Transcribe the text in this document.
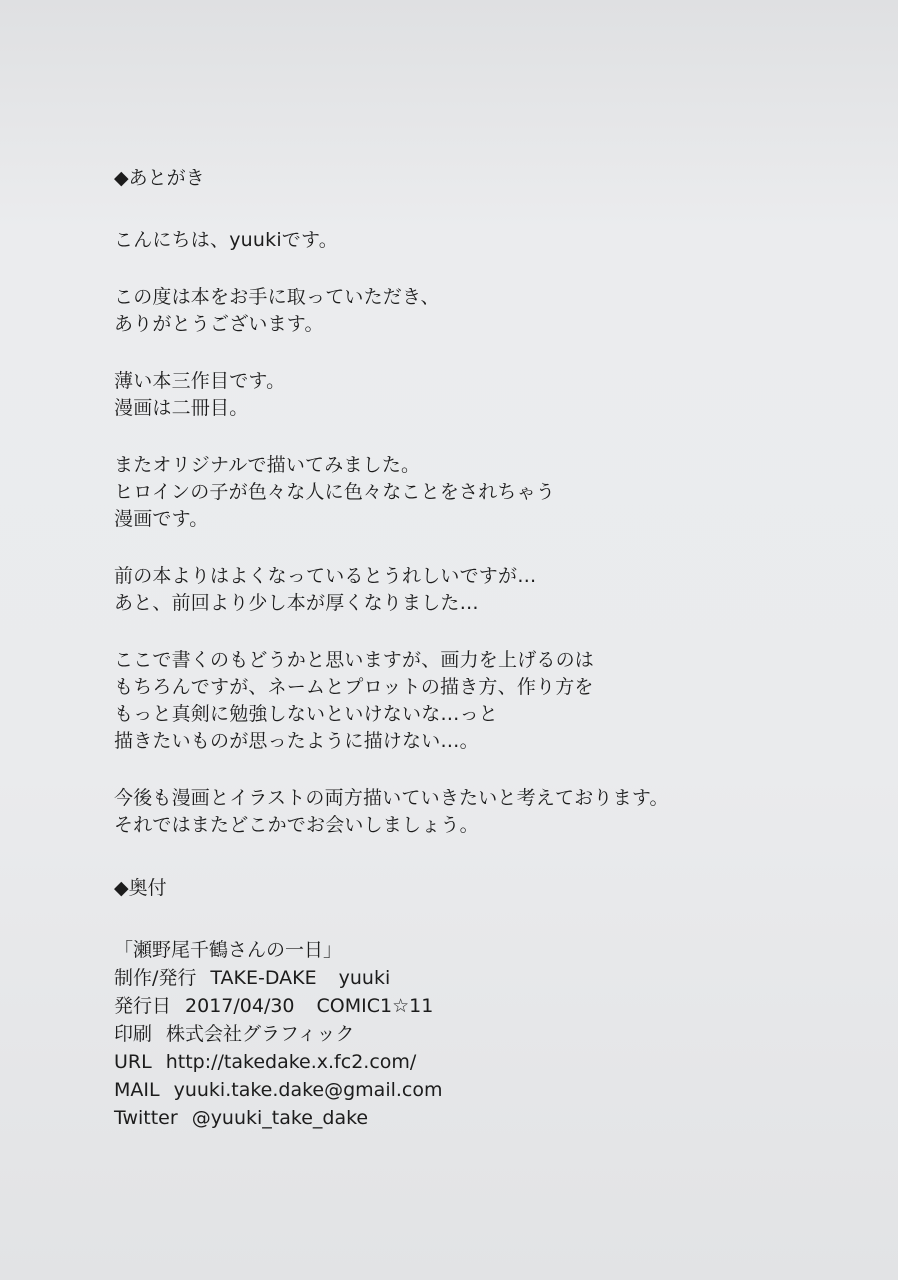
◆あとがき
こんにちは、yuukiです。
この度は本をお手に取っていただき、
ありがとうございます。
薄い本三作目です。
漫画は二冊目。
またオリジナルで描いてみました。
ヒロインの子が色々な人に色々なことをされちゃう
漫画です。
前の本よりはよくなっているとうれしいですが…
あと、前回より少し本が厚くなりました…
ここで書くのもどうかと思いますが、画力を上げるのは
もちろんですが、ネームとプロットの描き方、作り方を
もっと真剣に勉強しないといけないな…っと
描きたいものが思ったように描けない…。
今後も漫画とイラストの両方描いていきたいと考えております。
それではまたどこかでお会いしましょう。
◆奥付
「瀬野尾千鶴さんの一日」
制作/発行 TAKE-DAKE yuuki
発行日 2017/04/30 COMIC1☆11
印刷 株式会社グラフィック
URL http://takedake.x.fc2.com/
MAIL yuuki.take.dake@gmail.com
Twitter @yuuki_take_dake
